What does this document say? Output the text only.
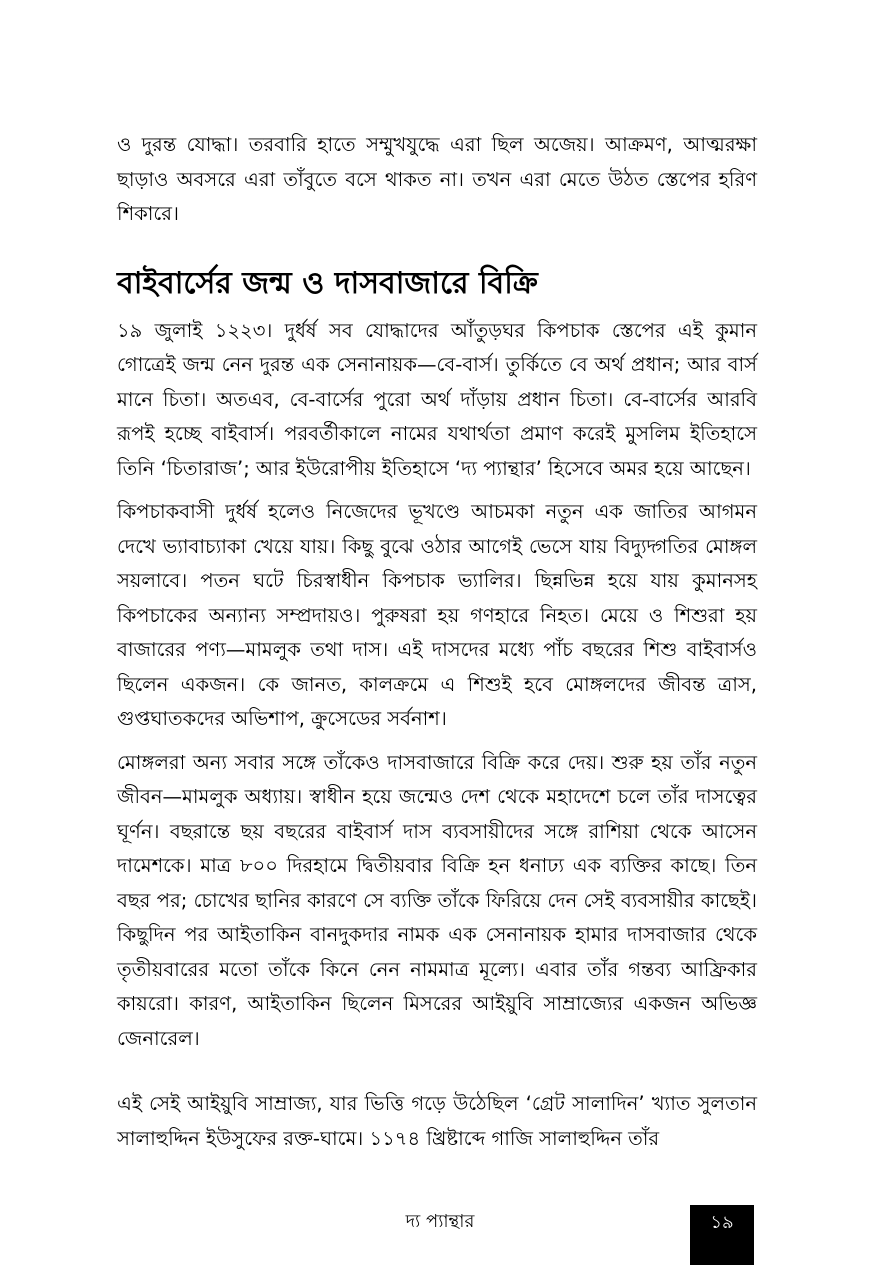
ও দুরন্ত যোদ্ধা। তরবারি হাতে সম্মুখযুদ্ধে এরা ছিল অজেয়। আক্রমণ, আত্মরক্ষা ছাড়াও অবসরে এরা তাঁবুতে বসে থাকত না। তখন এরা মেতে উঠত স্তেপের হরিণ শিকারে।

বাইবার্সের জন্ম ও দাসবাজারে বিক্রি

১৯ জুলাই ১২২৩। দুর্ধর্ষ সব যোদ্ধাদের আঁতুড়ঘর কিপচাক স্তেপের এই কুমান গোত্রেই জন্ম নেন দুরন্ত এক সেনানায়ক—বে-বার্স। তুর্কিতে বে অর্থ প্রধান; আর বার্স মানে চিতা। অতএব, বে-বার্সের পুরো অর্থ দাঁড়ায় প্রধান চিতা। বে-বার্সের আরবি রূপই হচ্ছে বাইবার্স। পরবর্তীকালে নামের যথার্থতা প্রমাণ করেই মুসলিম ইতিহাসে তিনি ‘চিতারাজ’; আর ইউরোপীয় ইতিহাসে ‘দ্য প্যান্থার’ হিসেবে অমর হয়ে আছেন।

কিপচাকবাসী দুর্ধর্ষ হলেও নিজেদের ভূখণ্ডে আচমকা নতুন এক জাতির আগমন দেখে ভ্যাবাচ্যাকা খেয়ে যায়। কিছু বুঝে ওঠার আগেই ভেসে যায় বিদ্যুদ্গতির মোঙ্গল সয়লাবে। পতন ঘটে চিরস্বাধীন কিপচাক ভ্যালির। ছিন্নভিন্ন হয়ে যায় কুমানসহ কিপচাকের অন্যান্য সম্প্রদায়ও। পুরুষরা হয় গণহারে নিহত। মেয়ে ও শিশুরা হয় বাজারের পণ্য—মামলুক তথা দাস। এই দাসদের মধ্যে পাঁচ বছরের শিশু বাইবার্সও ছিলেন একজন। কে জানত, কালক্রমে এ শিশুই হবে মোঙ্গলদের জীবন্ত ত্রাস, গুপ্তঘাতকদের অভিশাপ, ক্রুসেডের সর্বনাশ।

মোঙ্গলরা অন্য সবার সঙ্গে তাঁকেও দাসবাজারে বিক্রি করে দেয়। শুরু হয় তাঁর নতুন জীবন—মামলুক অধ্যায়। স্বাধীন হয়ে জন্মেও দেশ থেকে মহাদেশে চলে তাঁর দাসত্বের ঘূর্ণন। বছরান্তে ছয় বছরের বাইবার্স দাস ব্যবসায়ীদের সঙ্গে রাশিয়া থেকে আসেন দামেশকে। মাত্র ৮০০ দিরহামে দ্বিতীয়বার বিক্রি হন ধনাঢ্য এক ব্যক্তির কাছে। তিন বছর পর; চোখের ছানির কারণে সে ব্যক্তি তাঁকে ফিরিয়ে দেন সেই ব্যবসায়ীর কাছেই। কিছুদিন পর আইতাকিন বানদুকদার নামক এক সেনানায়ক হামার দাসবাজার থেকে তৃতীয়বারের মতো তাঁকে কিনে নেন নামমাত্র মূল্যে। এবার তাঁর গন্তব্য আফ্রিকার কায়রো। কারণ, আইতাকিন ছিলেন মিসরের আইয়ুবি সাম্রাজ্যের একজন অভিজ্ঞ জেনারেল।

এই সেই আইয়ুবি সাম্রাজ্য, যার ভিত্তি গড়ে উঠেছিল ‘গ্রেট সালাদিন’ খ্যাত সুলতান সালাহুদ্দিন ইউসুফের রক্ত-ঘামে। ১১৭৪ খ্রিষ্টাব্দে গাজি সালাহুদ্দিন তাঁর

দ্য প্যান্থার	১৯
